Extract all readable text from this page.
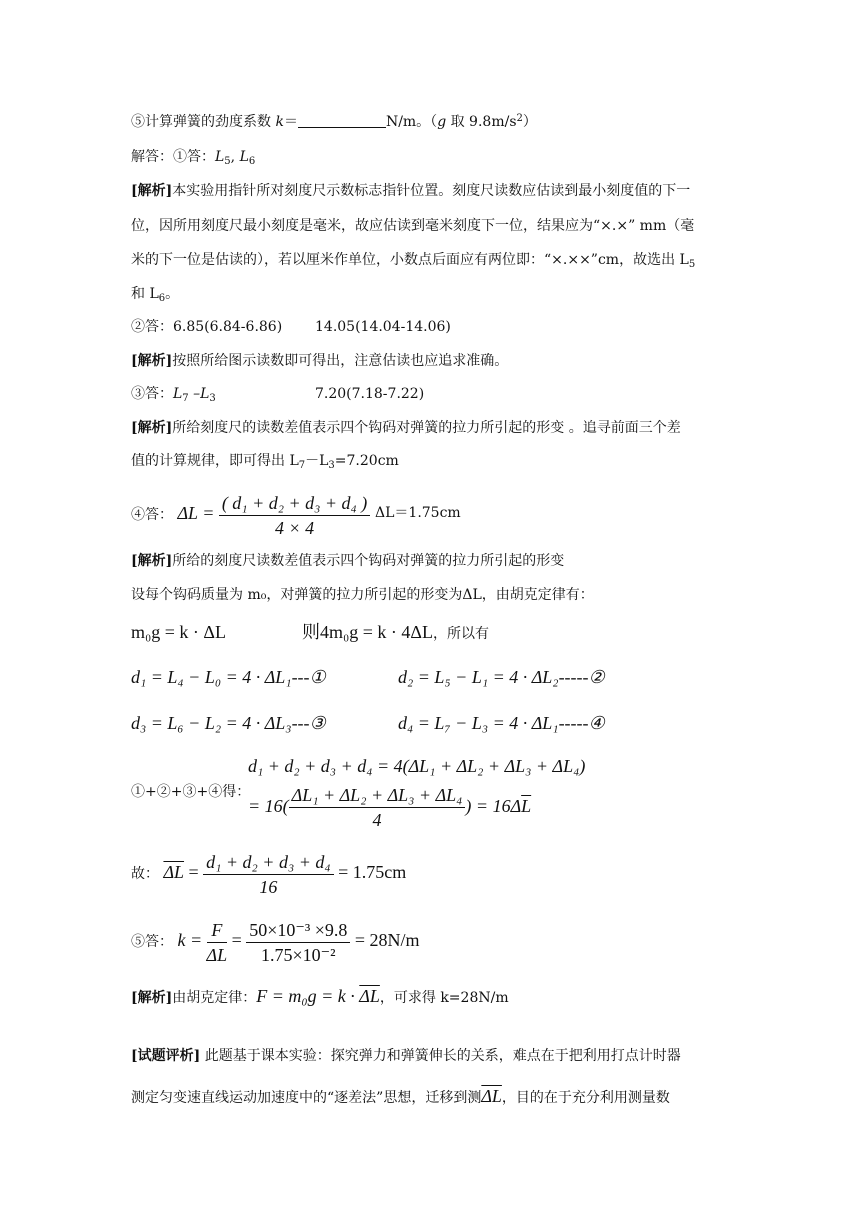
⑤计算弹簧的劲度系数 k＝	N/m。（g 取 $9.8m/s^2$）
解答：①答：$L_5$, $L_6$
[解析]本实验用指针所对刻度尺示数标志指针位置。刻度尺读数应估读到最小刻度值的下一
位，因所用刻度尺最小刻度是毫米，故应估读到毫米刻度下一位，结果应为“×.×” mm（毫
米的下一位是估读的），若以厘米作单位，小数点后面应有两位即：“×.××”cm，故选出 $L_5$
和 $L_6$。
②答：6.85(6.84-6.86) 14.05(14.04-14.06)
[解析]按照所给图示读数即可得出，注意估读也应追求准确。
③答：$L_7$ $-L_3$	7.20(7.18-7.22)
[解析]所给刻度尺的读数差值表示四个钩码对弹簧的拉力所引起的形变 。追寻前面三个差
值的计算规律，即可得出 $L_7-L_3=7.20cm$
④答： $\Delta L = \frac{\text{( d₁ + d₂ + d₃ + d₄ )}}{4 \times 4} \Delta L=1.75cm$
[解析]所给的刻度尺读数差值表示四个钩码对弹簧的拉力所引起的形变
设每个钩码质量为 m₀，对弹簧的拉力所引起的形变为ΔL，由胡克定律有：
m₀g = k · ΔL	则4m₀g = k · 4ΔL，所以有
d₁ = L₄ − L₀ = 4 · ΔL₁---①	d₂ = L₅ − L₁ = 4 · ΔL₂-----②
d₃ = L₆ − L₂ = 4 · ΔL₃---③	d₄ = L₇ − L₃ = 4 · ΔL₁-----④
d₁ + d₂ + d₃ + d₄ = 4(ΔL₁ + ΔL₂ + ΔL₃ + ΔL₄)
①+②+③+④得：
= $16( \frac{\text{ΔL₁ + ΔL₂ + ΔL₃ + ΔL₄}}{4}$ ) = $16\Delta\overline{L}$
故： $\overline{\Delta L} = \frac{\text{d₁ + d₂ + d₃ + d₄}}{16} = 1.75cm$
⑤答： $k = \frac{F}{\Delta L} = \frac{\text{50×10⁻³ ×9.8}}{\text{1.75×10⁻²}} = 28N/m$
[解析]由胡克定律：$F = m_0g = k \cdot \overline{\Delta L}$，可求得 k=28N/m
[试题评析] 此题基于课本实验：探究弹力和弹簧伸长的关系，难点在于把利用打点计时器
测定匀变速直线运动加速度中的“逐差法”思想，迁移到测$\overline{\Delta L}$，目的在于充分利用测量数
